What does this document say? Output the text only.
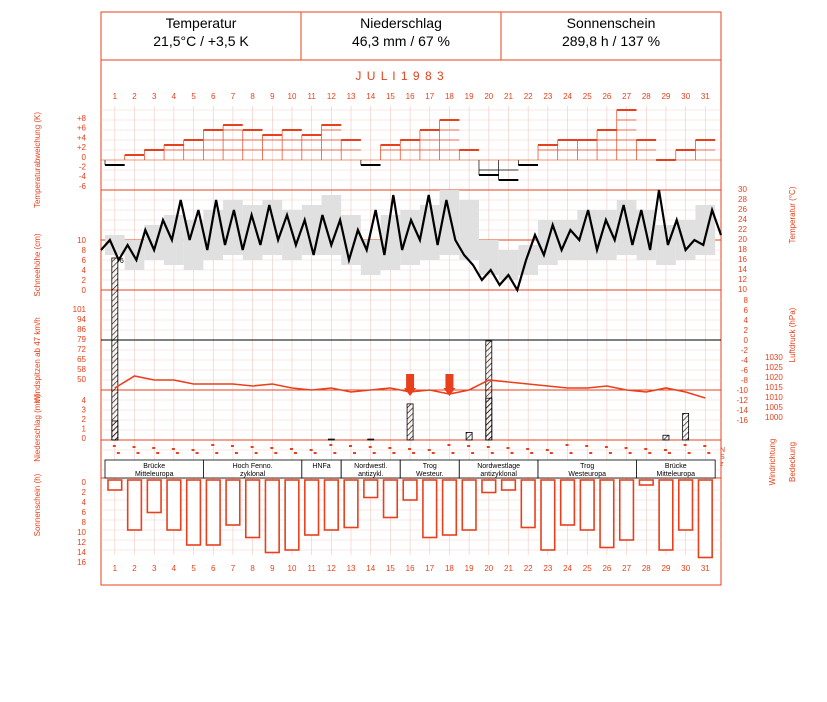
Temperatur
21,5°C / +3,5 K
Niederschlag
46,3 mm / 67 %
Sonnenschein
289,8 h / 137 %
J U L I 1 9 8 3
1
1
2
2
3
3
4
4
5
5
6
6
7
7
8
8
9
9
10
10
11
11
12
12
13
13
14
14
15
15
16
16
17
17
18
18
19
19
20
20
21
21
22
22
23
23
24
24
25
25
26
26
27
27
28
28
29
29
30
30
31
31
+8
+6
+4
+2
0
-2
-4
-6	30
28
26
24
22
20
18
16
14
12
10
10
8
6
4
2
0
6
101
94
86
79
72
65
58
50
8
6
4
2
0
-2
-4
-6
-8
-10
-12
-14
-16
1030
1025
1020
1015
1010
1005
1000
4
3
2
1
0
N
S
z
Brücke
Mitteleuropa
Hoch Fenno.
zyklonal
HNFa	Nordwestl.
antizykl.
Trog
Westeur.
Nordwestlage
antizyklonal
Trog
Westeuropa
Brücke
Mitteleuropa
0
2
4
6
8
10
12
14
16
Temperaturabweichung (K)
Schneehöhe (cm)
Windspitzen ab 47 km/h
Niederschlag (mm)
Sonnenschein (h)
Temperatur (°C)
Luftdruck (hPa)
Windrichtung Bedeckung
